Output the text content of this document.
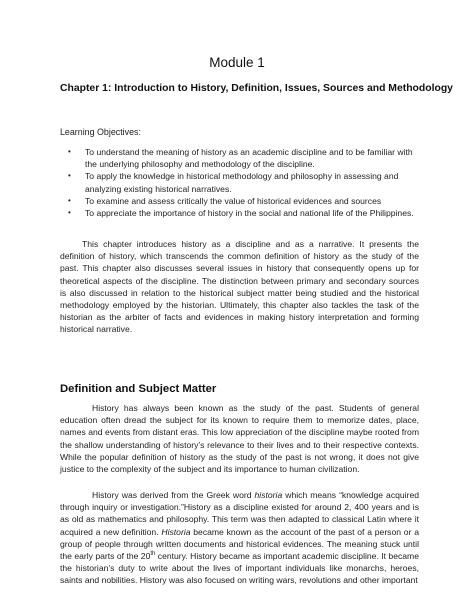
Module 1
Chapter 1: Introduction to History, Definition, Issues, Sources and Methodology
Learning Objectives:
• To understand the meaning of history as an academic discipline and to be familiar with the underlying philosophy and methodology of the discipline.
• To apply the knowledge in historical methodology and philosophy in assessing and analyzing existing historical narratives.
• To examine and assess critically the value of historical evidences and sources
• To appreciate the importance of history in the social and national life of the Philippines.

This chapter introduces history as a discipline and as a narrative. It presents the definition of history, which transcends the common definition of history as the study of the past. This chapter also discusses several issues in history that consequently opens up for theoretical aspects of the discipline. The distinction between primary and secondary sources is also discussed in relation to the historical subject matter being studied and the historical methodology employed by the historian. Ultimately, this chapter also tackles the task of the historian as the arbiter of facts and evidences in making history interpretation and forming historical narrative.

Definition and Subject Matter

History has always been known as the study of the past. Students of general education often dread the subject for its known to require them to memorize dates, place, names and events from distant eras. This low appreciation of the discipline maybe rooted from the shallow understanding of history’s relevance to their lives and to their respective contexts. While the popular definition of history as the study of the past is not wrong, it does not give justice to the complexity of the subject and its importance to human civilization.

History was derived from the Greek word historia which means “knowledge acquired through inquiry or investigation.”History as a discipline existed for around 2, 400 years and is as old as mathematics and philosophy. This term was then adapted to classical Latin where it acquired a new definition. Historia became known as the account of the past of a person or a group of people through written documents and historical evidences. The meaning stuck until the early parts of the 20th century. History became as important academic discipline. It became the historian’s duty to write about the lives of important individuals like monarchs, heroes, saints and nobilities. History was also focused on writing wars, revolutions and other important
